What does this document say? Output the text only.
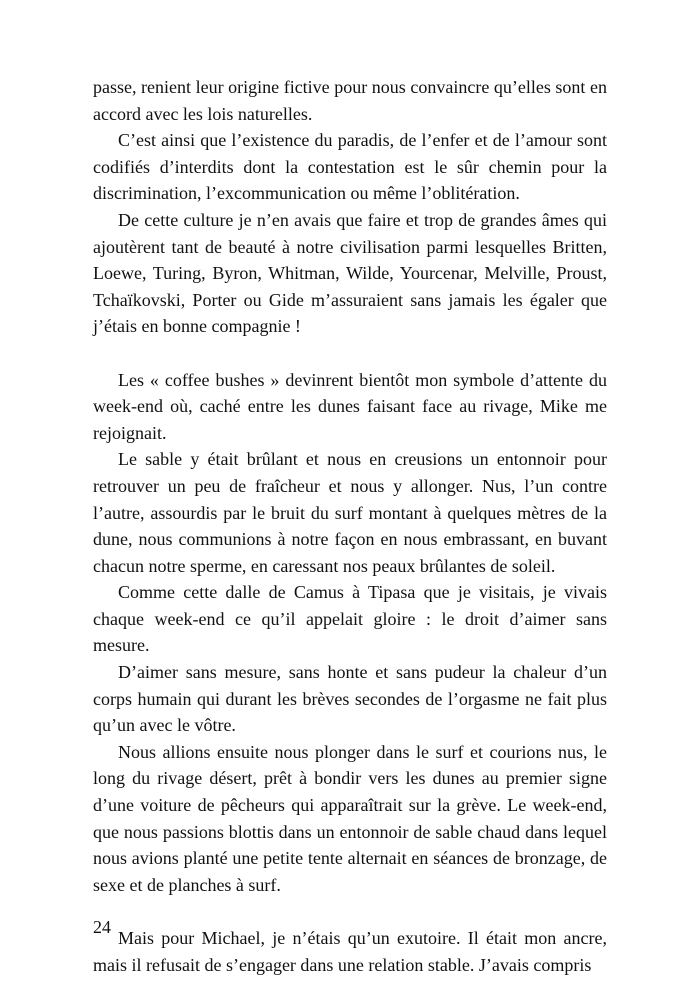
passe, renient leur origine fictive pour nous convaincre qu’elles sont en accord avec les lois naturelles.

C’est ainsi que l’existence du paradis, de l’enfer et de l’amour sont codifiés d’interdits dont la contestation est le sûr chemin pour la discrimination, l’excommunication ou même l’oblitération.

De cette culture je n’en avais que faire et trop de grandes âmes qui ajoutèrent tant de beauté à notre civilisation parmi lesquelles Britten, Loewe, Turing, Byron, Whitman, Wilde, Yourcenar, Melville, Proust, Tchaïkovski, Porter ou Gide m’assuraient sans jamais les égaler que j’étais en bonne compagnie !

Les « coffee bushes » devinrent bientôt mon symbole d’attente du week-end où, caché entre les dunes faisant face au rivage, Mike me rejoignait.

Le sable y était brûlant et nous en creusions un entonnoir pour retrouver un peu de fraîcheur et nous y allonger. Nus, l’un contre l’autre, assourdis par le bruit du surf montant à quelques mètres de la dune, nous communions à notre façon en nous embrassant, en buvant chacun notre sperme, en caressant nos peaux brûlantes de soleil.

Comme cette dalle de Camus à Tipasa que je visitais, je vivais chaque week-end ce qu’il appelait gloire : le droit d’aimer sans mesure.

D’aimer sans mesure, sans honte et sans pudeur la chaleur d’un corps humain qui durant les brèves secondes de l’orgasme ne fait plus qu’un avec le vôtre.

Nous allions ensuite nous plonger dans le surf et courions nus, le long du rivage désert, prêt à bondir vers les dunes au premier signe d’une voiture de pêcheurs qui apparaîtrait sur la grève. Le week-end, que nous passions blottis dans un entonnoir de sable chaud dans lequel nous avions planté une petite tente alternait en séances de bronzage, de sexe et de planches à surf.

Mais pour Michael, je n’étais qu’un exutoire. Il était mon ancre, mais il refusait de s’engager dans une relation stable. J’avais compris

24
